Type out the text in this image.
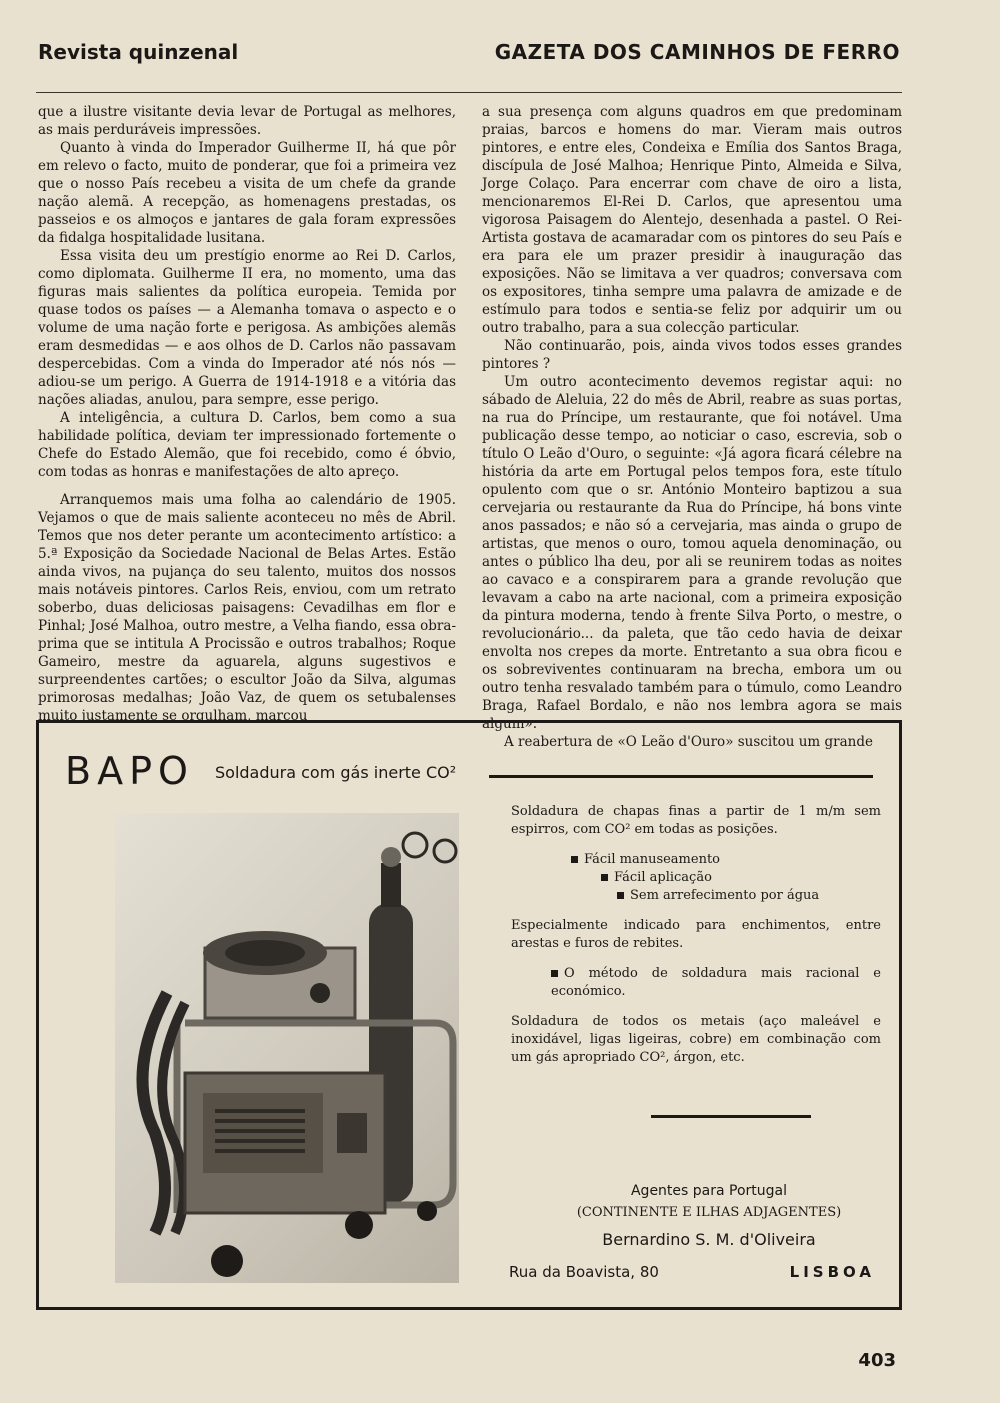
Revista quinzenal	GAZETA DOS CAMINHOS DE FERRO

que a ilustre visitante devia levar de Portugal as melhores, as mais perduráveis impressões.

Quanto à vinda do Imperador Guilherme II, há que pôr em relevo o facto, muito de ponderar, que foi a primeira vez que o nosso País recebeu a visita de um chefe da grande nação alemã. A recepção, as homenagens prestadas, os passeios e os almoços e jantares de gala foram expressões da fidalga hospitalidade lusitana.

Essa visita deu um prestígio enorme ao Rei D. Carlos, como diplomata. Guilherme II era, no momento, uma das figuras mais salientes da política europeia. Temida por quase todos os países — a Alemanha tomava o aspecto e o volume de uma nação forte e perigosa. As ambições alemãs eram desmedidas — e aos olhos de D. Carlos não passavam despercebidas. Com a vinda do Imperador até nós nós — adiou-se um perigo. A Guerra de 1914-1918 e a vitória das nações aliadas, anulou, para sempre, esse perigo.

A inteligência, a cultura D. Carlos, bem como a sua habilidade política, deviam ter impressionado fortemente o Chefe do Estado Alemão, que foi recebido, como é óbvio, com todas as honras e manifestações de alto apreço.

Arranquemos mais uma folha ao calendário de 1905. Vejamos o que de mais saliente aconteceu no mês de Abril. Temos que nos deter perante um acontecimento artístico: a 5.ª Exposição da Sociedade Nacional de Belas Artes. Estão ainda vivos, na pujança do seu talento, muitos dos nossos mais notáveis pintores. Carlos Reis, enviou, com um retrato soberbo, duas deliciosas paisagens: Cevadilhas em flor e Pinhal; José Malhoa, outro mestre, a Velha fiando, essa obra-prima que se intitula A Procissão e outros trabalhos; Roque Gameiro, mestre da aguarela, alguns sugestivos e surpreendentes cartões; o escultor João da Silva, algumas primorosas medalhas; João Vaz, de quem os setubalenses muito justamente se orgulham, marcou

a sua presença com alguns quadros em que predominam praias, barcos e homens do mar. Vieram mais outros pintores, e entre eles, Condeixa e Emília dos Santos Braga, discípula de José Malhoa; Henrique Pinto, Almeida e Silva, Jorge Colaço. Para encerrar com chave de oiro a lista, mencionaremos El-Rei D. Carlos, que apresentou uma vigorosa Paisagem do Alentejo, desenhada a pastel. O Rei-Artista gostava de acamaradar com os pintores do seu País e era para ele um prazer presidir à inauguração das exposições. Não se limitava a ver quadros; conversava com os expositores, tinha sempre uma palavra de amizade e de estímulo para todos e sentia-se feliz por adquirir um ou outro trabalho, para a sua colecção particular.

Não continuarão, pois, ainda vivos todos esses grandes pintores ?

Um outro acontecimento devemos registar aqui: no sábado de Aleluia, 22 do mês de Abril, reabre as suas portas, na rua do Príncipe, um restaurante, que foi notável. Uma publicação desse tempo, ao noticiar o caso, escrevia, sob o título O Leão d'Ouro, o seguinte: «Já agora ficará célebre na história da arte em Portugal pelos tempos fora, este título opulento com que o sr. António Monteiro baptizou a sua cervejaria ou restaurante da Rua do Príncipe, há bons vinte anos passados; e não só a cervejaria, mas ainda o grupo de artistas, que menos o ouro, tomou aquela denominação, ou antes o público lha deu, por ali se reunirem todas as noites ao cavaco e a conspirarem para a grande revolução que levavam a cabo na arte nacional, com a primeira exposição da pintura moderna, tendo à frente Silva Porto, o mestre, o revolucionário... da paleta, que tão cedo havia de deixar envolta nos crepes da morte. Entretanto a sua obra ficou e os sobreviventes continuaram na brecha, embora um ou outro tenha resvalado também para o túmulo, como Leandro Braga, Rafael Bordalo, e não nos lembra agora se mais algum».

A reabertura de «O Leão d'Ouro» suscitou um grande

BAPO Soldadura com gás inerte CO²

Soldadura de chapas finas a partir de 1 m/m sem espirros, com CO² em todas as posições.

Fácil manuseamento
Fácil aplicação
Sem arrefecimento por água

Especialmente indicado para enchimentos, entre arestas e furos de rebites.

O método de soldadura mais racional e económico.

Soldadura de todos os metais (aço maleável e inoxidável, ligas ligeiras, cobre) em combinação com um gás apropriado CO², árgon, etc.

Agentes para Portugal
(CONTINENTE E ILHAS ADJAGENTES)
Bernardino S. M. d'Oliveira
Rua da Boavista, 80	LISBOA
403
